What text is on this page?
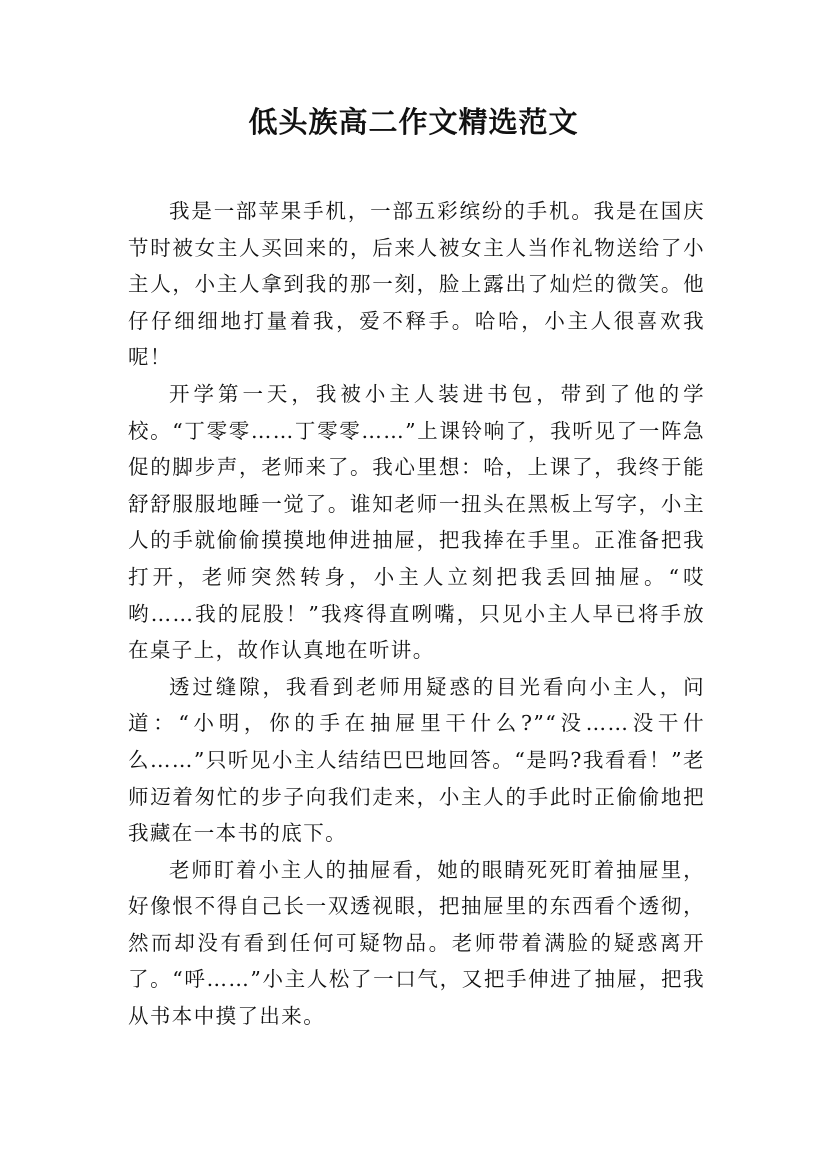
低头族高二作文精选范文

我是一部苹果手机，一部五彩缤纷的手机。我是在国庆节时被女主人买回来的，后来人被女主人当作礼物送给了小主人，小主人拿到我的那一刻，脸上露出了灿烂的微笑。他仔仔细细地打量着我，爱不释手。哈哈，小主人很喜欢我呢！

开学第一天，我被小主人装进书包，带到了他的学校。“丁零零……丁零零……”上课铃响了，我听见了一阵急促的脚步声，老师来了。我心里想：哈，上课了，我终于能舒舒服服地睡一觉了。谁知老师一扭头在黑板上写字，小主人的手就偷偷摸摸地伸进抽屉，把我捧在手里。正准备把我打开，老师突然转身，小主人立刻把我丢回抽屉。“哎哟……我的屁股！”我疼得直咧嘴，只见小主人早已将手放在桌子上，故作认真地在听讲。

透过缝隙，我看到老师用疑惑的目光看向小主人，问道：“小明，你的手在抽屉里干什么?”“没……没干什么……”只听见小主人结结巴巴地回答。“是吗?我看看！”老师迈着匆忙的步子向我们走来，小主人的手此时正偷偷地把我藏在一本书的底下。

老师盯着小主人的抽屉看，她的眼睛死死盯着抽屉里，好像恨不得自己长一双透视眼，把抽屉里的东西看个透彻，然而却没有看到任何可疑物品。老师带着满脸的疑惑离开了。“呼……”小主人松了一口气，又把手伸进了抽屉，把我从书本中摸了出来。
